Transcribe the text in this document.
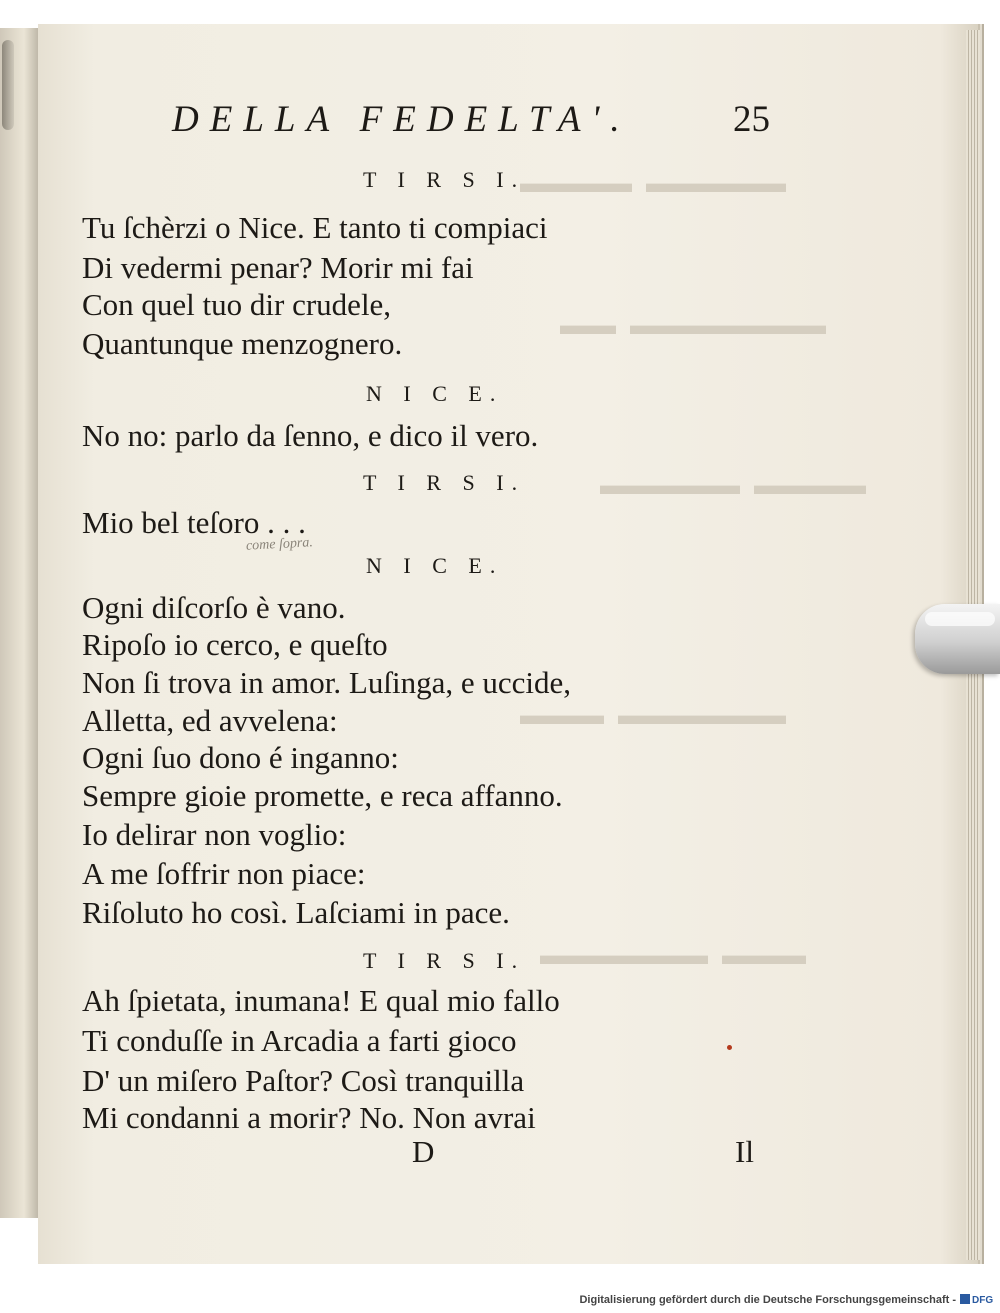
▬▬▬▬▬  ▬▬▬▬
▬▬▬▬▬▬▬  ▬▬
▬▬▬▬  ▬▬▬▬▬
▬▬▬▬▬▬  ▬▬▬
▬▬▬  ▬▬▬▬▬▬
DELLA FEDELTA'.	25
T I R S I.
Tu ſchèrzi o Nice. E tanto ti compiaci
Di vedermi penar? Morir mi fai
Con quel tuo dir crudele,
Quantunque menzognero.
N I C E.
No no: parlo da ſenno, e dico il vero.
T I R S I.
Mio bel teſoro . . .
N I C E.
Ogni diſcorſo è vano.
Ripoſo io cerco, e queſto
Non ſi trova in amor. Luſinga, e uccide,
Alletta, ed avvelena:
Ogni ſuo dono é inganno:
Sempre gioie promette, e reca affanno.
Io delirar non voglio:
A me ſoffrir non piace:
Riſoluto ho così. Laſciami in pace.
T I R S I.
Ah ſpietata, inumana! E qual mio fallo
Ti conduſſe in Arcadia a farti gioco
D' un miſero Paſtor? Così tranquilla
Mi condanni a morir? No. Non avrai
come ſopra.
D	Il
Digitalisierung gefördert durch die Deutsche Forschungsgemeinschaft -	DFG
